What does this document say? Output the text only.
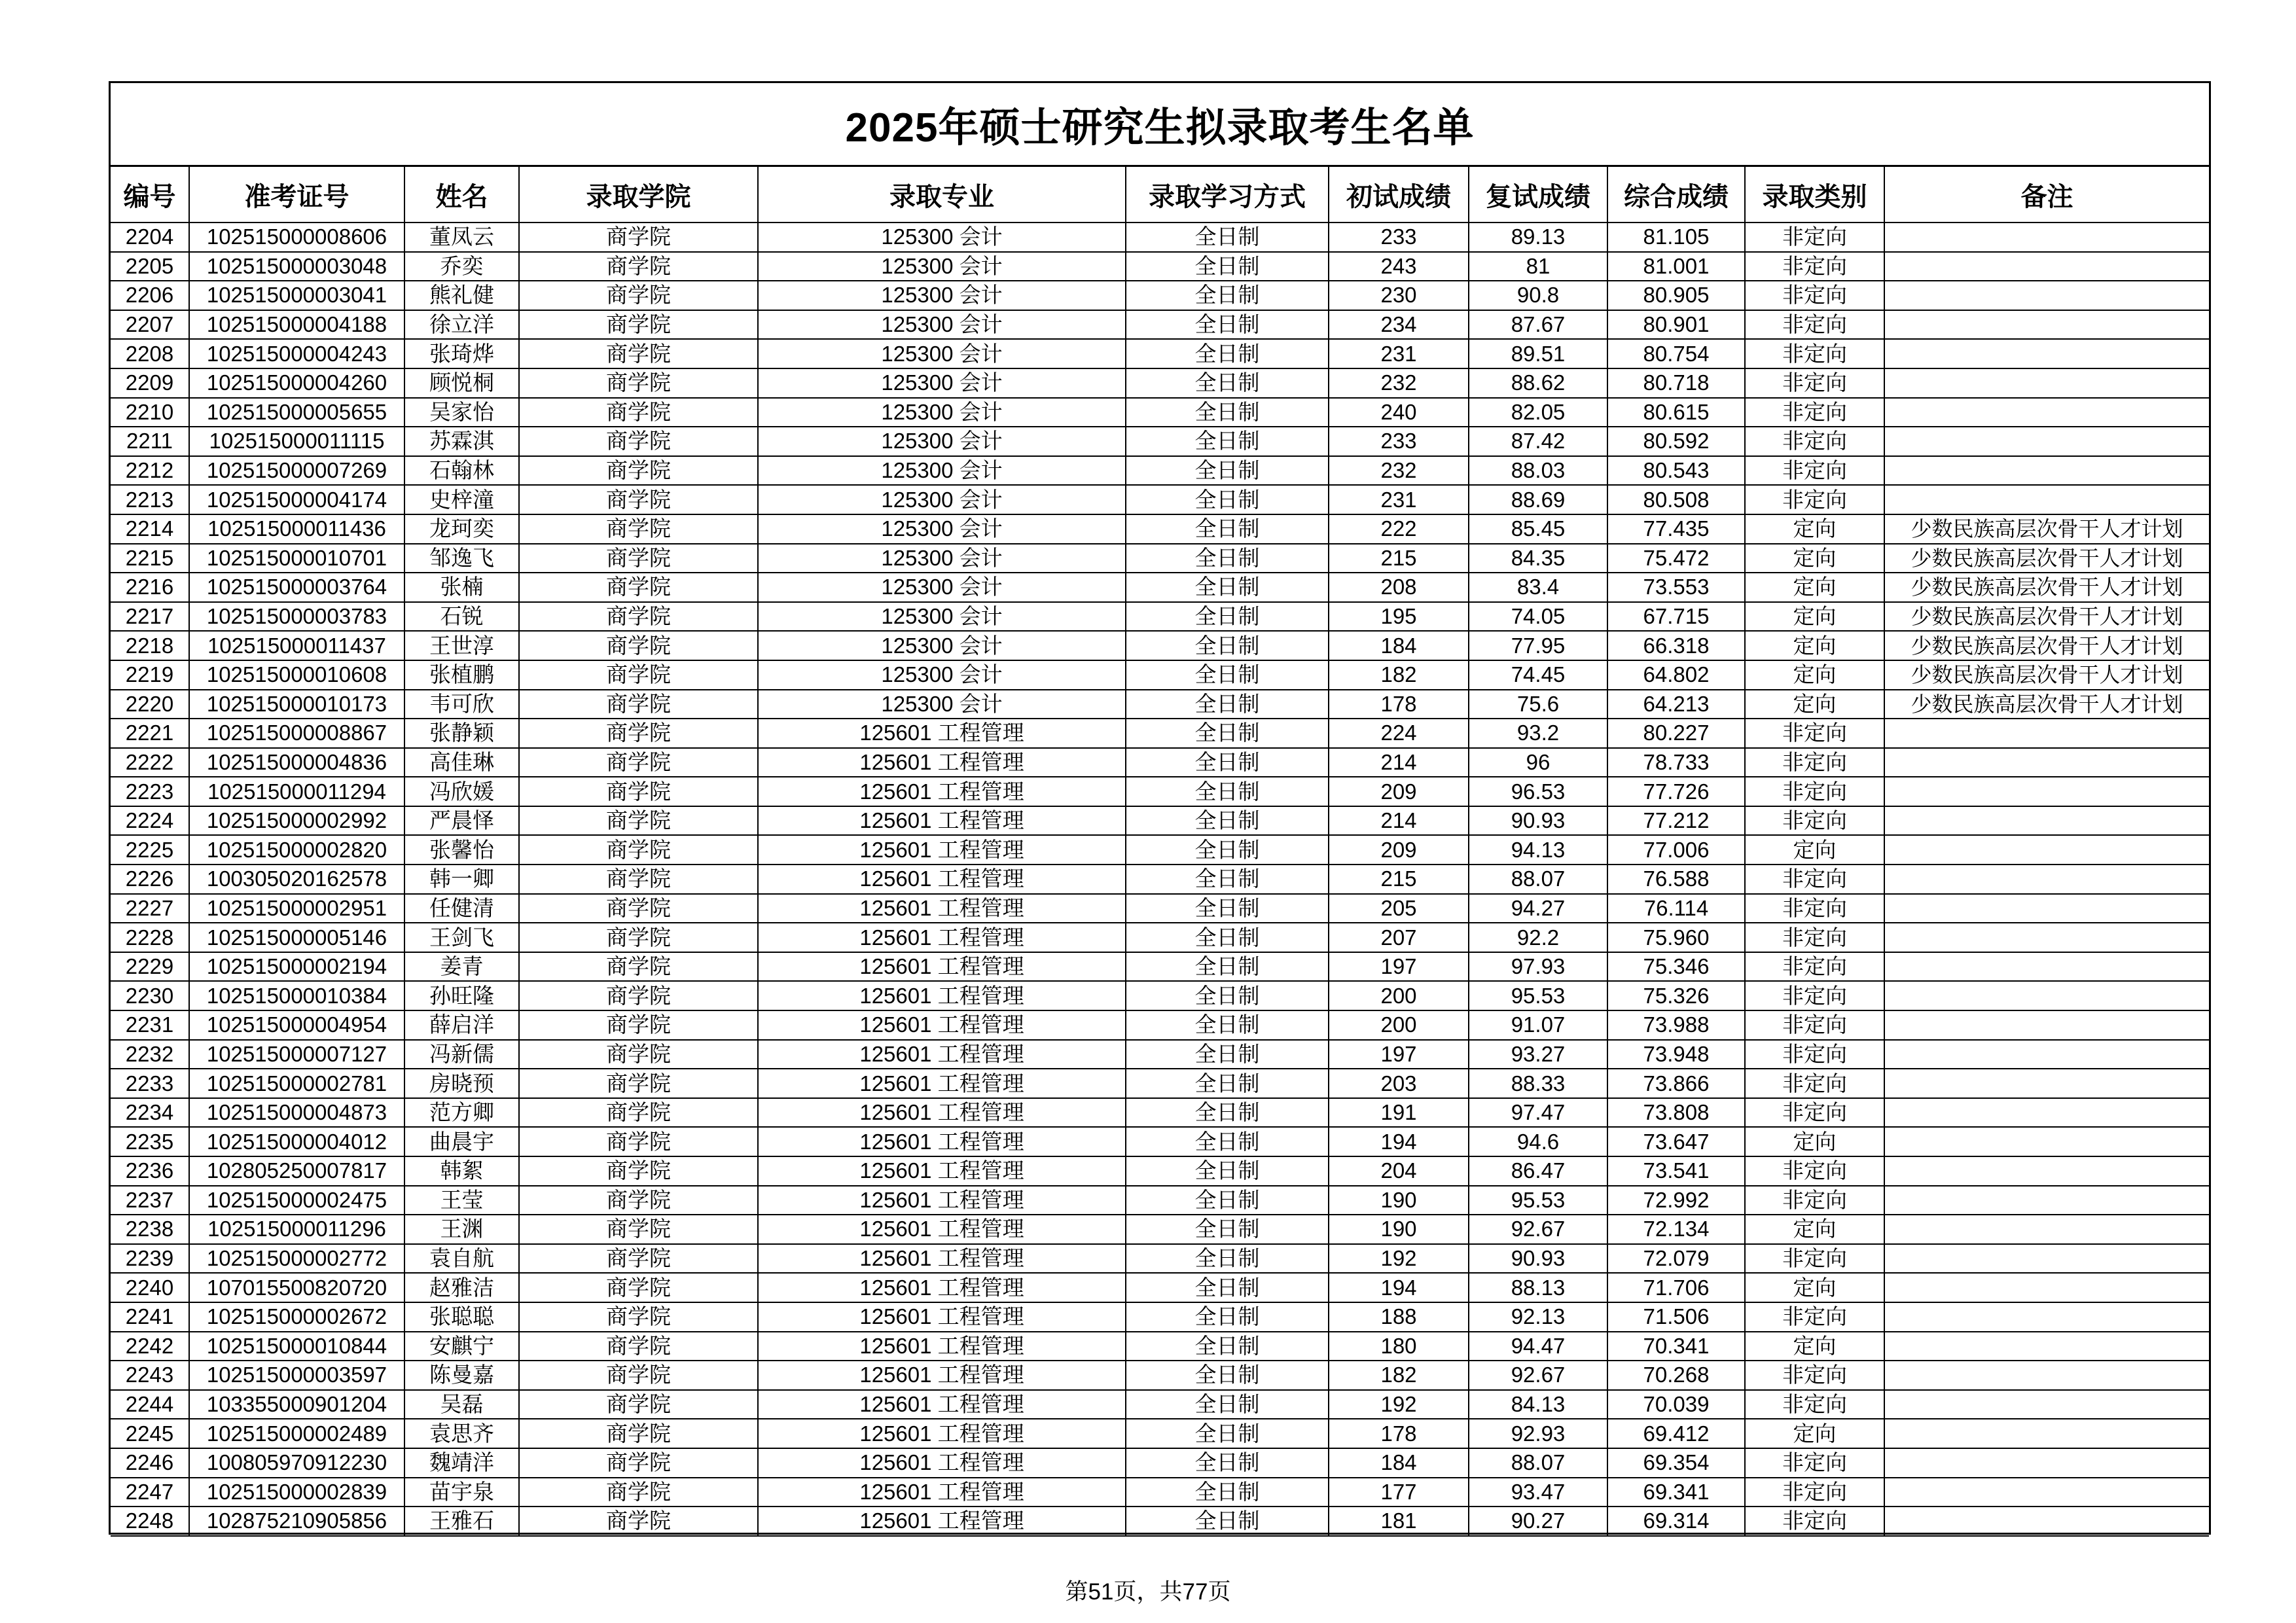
2025年硕士研究生拟录取考生名单
编号	准考证号	姓名	录取学院	录取专业	录取学习方式	初试成绩	复试成绩	综合成绩	录取类别	备注
2204	102515000008606	董凤云	商学院	125300 会计	全日制	233	89.13	81.105	非定向	
2205	102515000003048	乔奕	商学院	125300 会计	全日制	243	81	81.001	非定向	
2206	102515000003041	熊礼健	商学院	125300 会计	全日制	230	90.8	80.905	非定向	
2207	102515000004188	徐立洋	商学院	125300 会计	全日制	234	87.67	80.901	非定向	
2208	102515000004243	张琦烨	商学院	125300 会计	全日制	231	89.51	80.754	非定向	
2209	102515000004260	顾悦桐	商学院	125300 会计	全日制	232	88.62	80.718	非定向	
2210	102515000005655	吴家怡	商学院	125300 会计	全日制	240	82.05	80.615	非定向	
2211	102515000011115	苏霖淇	商学院	125300 会计	全日制	233	87.42	80.592	非定向	
2212	102515000007269	石翰林	商学院	125300 会计	全日制	232	88.03	80.543	非定向	
2213	102515000004174	史梓潼	商学院	125300 会计	全日制	231	88.69	80.508	非定向	
2214	102515000011436	龙珂奕	商学院	125300 会计	全日制	222	85.45	77.435	定向	少数民族高层次骨干人才计划
2215	102515000010701	邹逸飞	商学院	125300 会计	全日制	215	84.35	75.472	定向	少数民族高层次骨干人才计划
2216	102515000003764	张楠	商学院	125300 会计	全日制	208	83.4	73.553	定向	少数民族高层次骨干人才计划
2217	102515000003783	石锐	商学院	125300 会计	全日制	195	74.05	67.715	定向	少数民族高层次骨干人才计划
2218	102515000011437	王世淳	商学院	125300 会计	全日制	184	77.95	66.318	定向	少数民族高层次骨干人才计划
2219	102515000010608	张植鹏	商学院	125300 会计	全日制	182	74.45	64.802	定向	少数民族高层次骨干人才计划
2220	102515000010173	韦可欣	商学院	125300 会计	全日制	178	75.6	64.213	定向	少数民族高层次骨干人才计划
2221	102515000008867	张静颖	商学院	125601 工程管理	全日制	224	93.2	80.227	非定向	
2222	102515000004836	高佳琳	商学院	125601 工程管理	全日制	214	96	78.733	非定向	
2223	102515000011294	冯欣媛	商学院	125601 工程管理	全日制	209	96.53	77.726	非定向	
2224	102515000002992	严晨怿	商学院	125601 工程管理	全日制	214	90.93	77.212	非定向	
2225	102515000002820	张馨怡	商学院	125601 工程管理	全日制	209	94.13	77.006	定向	
2226	100305020162578	韩一卿	商学院	125601 工程管理	全日制	215	88.07	76.588	非定向	
2227	102515000002951	任健清	商学院	125601 工程管理	全日制	205	94.27	76.114	非定向	
2228	102515000005146	王剑飞	商学院	125601 工程管理	全日制	207	92.2	75.960	非定向	
2229	102515000002194	姜青	商学院	125601 工程管理	全日制	197	97.93	75.346	非定向	
2230	102515000010384	孙旺隆	商学院	125601 工程管理	全日制	200	95.53	75.326	非定向	
2231	102515000004954	薛启洋	商学院	125601 工程管理	全日制	200	91.07	73.988	非定向	
2232	102515000007127	冯新儒	商学院	125601 工程管理	全日制	197	93.27	73.948	非定向	
2233	102515000002781	房晓预	商学院	125601 工程管理	全日制	203	88.33	73.866	非定向	
2234	102515000004873	范方卿	商学院	125601 工程管理	全日制	191	97.47	73.808	非定向	
2235	102515000004012	曲晨宇	商学院	125601 工程管理	全日制	194	94.6	73.647	定向	
2236	102805250007817	韩絮	商学院	125601 工程管理	全日制	204	86.47	73.541	非定向	
2237	102515000002475	王莹	商学院	125601 工程管理	全日制	190	95.53	72.992	非定向	
2238	102515000011296	王渊	商学院	125601 工程管理	全日制	190	92.67	72.134	定向	
2239	102515000002772	袁自航	商学院	125601 工程管理	全日制	192	90.93	72.079	非定向	
2240	107015500820720	赵雅洁	商学院	125601 工程管理	全日制	194	88.13	71.706	定向	
2241	102515000002672	张聪聪	商学院	125601 工程管理	全日制	188	92.13	71.506	非定向	
2242	102515000010844	安麒宁	商学院	125601 工程管理	全日制	180	94.47	70.341	定向	
2243	102515000003597	陈曼嘉	商学院	125601 工程管理	全日制	182	92.67	70.268	非定向	
2244	103355000901204	吴磊	商学院	125601 工程管理	全日制	192	84.13	70.039	非定向	
2245	102515000002489	袁思齐	商学院	125601 工程管理	全日制	178	92.93	69.412	定向	
2246	100805970912230	魏靖洋	商学院	125601 工程管理	全日制	184	88.07	69.354	非定向	
2247	102515000002839	苗宇泉	商学院	125601 工程管理	全日制	177	93.47	69.341	非定向	
2248	102875210905856	王雅石	商学院	125601 工程管理	全日制	181	90.27	69.314	非定向	
第51页，共77页
